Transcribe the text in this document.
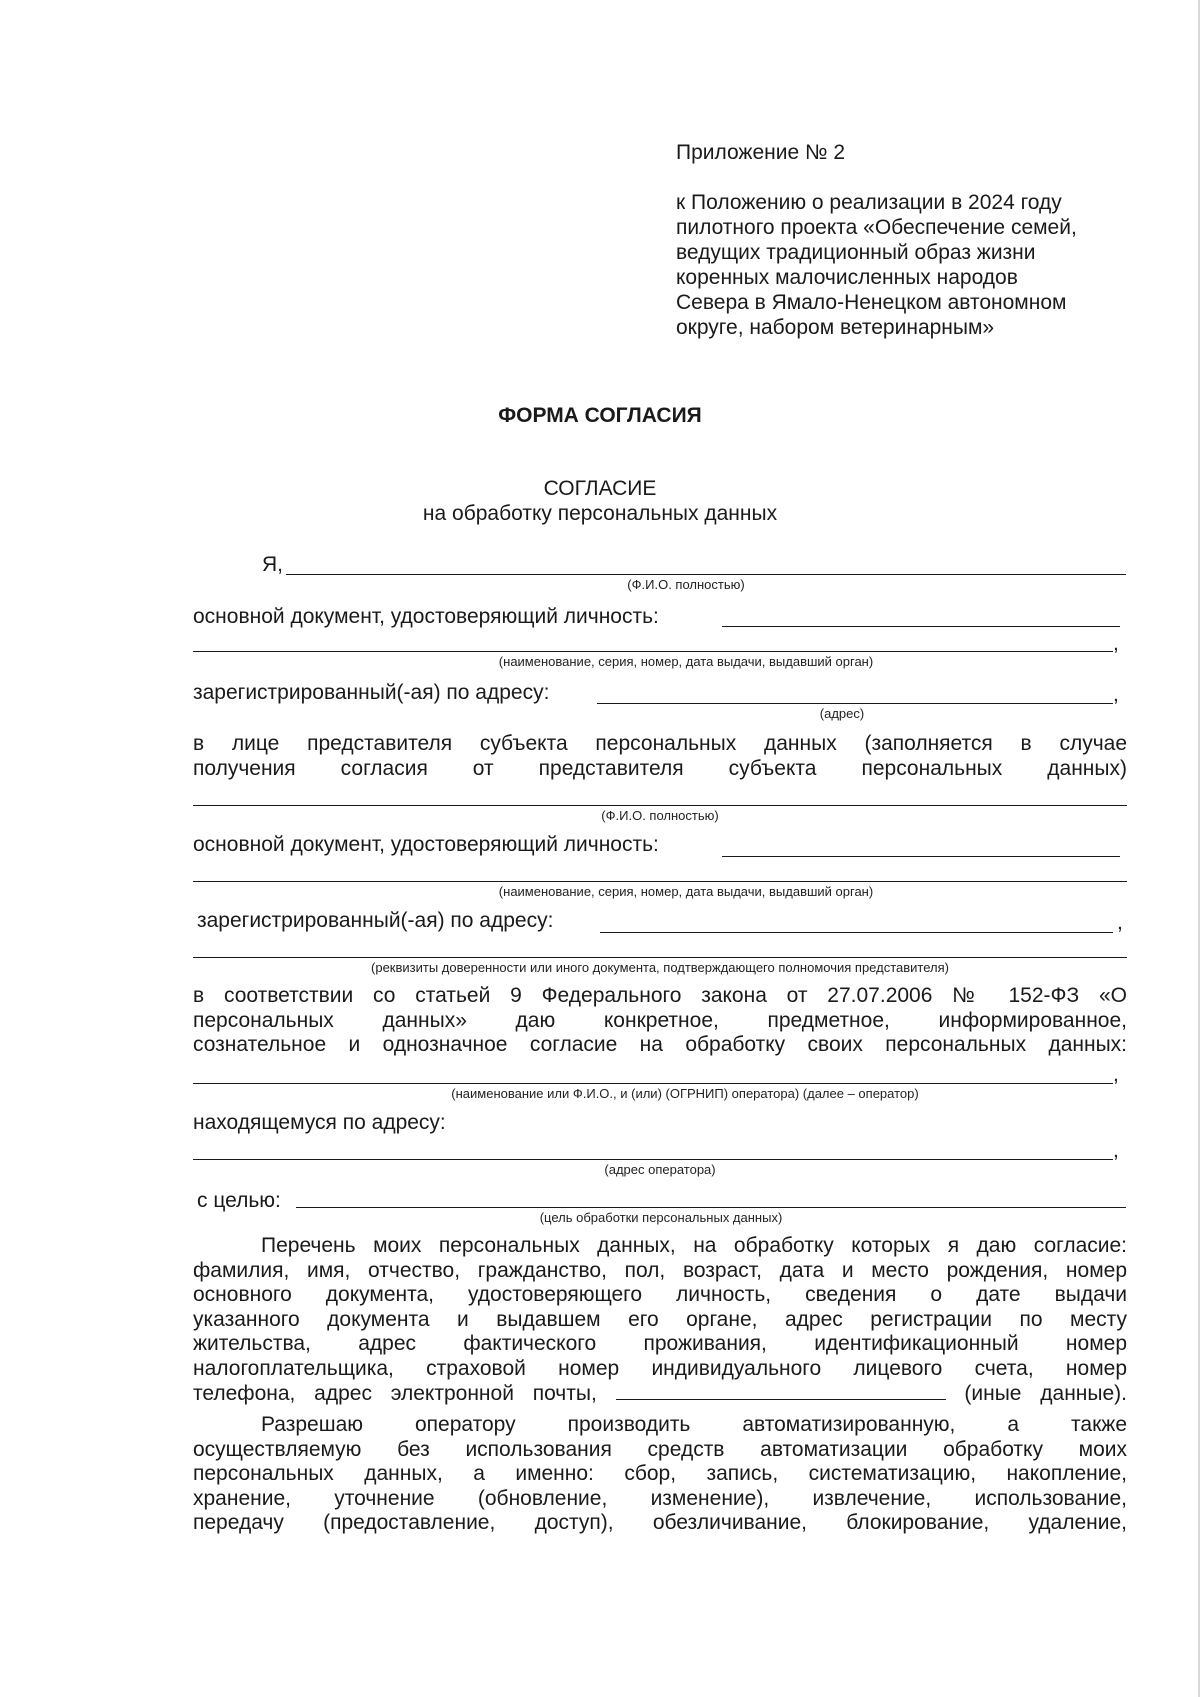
Приложение № 2
к Положению о реализации в 2024 году
пилотного проекта «Обеспечение семей,
ведущих традиционный образ жизни
коренных малочисленных народов
Севера в Ямало-Ненецком автономном
округе, набором ветеринарным»
ФОРМА СОГЛАСИЯ
СОГЛАСИЕ
на обработку персональных данных
Я,
(Ф.И.О. полностью)
основной документ, удостоверяющий личность:
,
(наименование, серия, номер, дата выдачи, выдавший орган)
зарегистрированный(-ая) по адресу:	,
(адрес)
в лице представителя субъекта персональных данных (заполняется в случае
получения согласия от представителя субъекта персональных данных)
(Ф.И.О. полностью)
основной документ, удостоверяющий личность:
(наименование, серия, номер, дата выдачи, выдавший орган)
зарегистрированный(-ая) по адресу:	,
(реквизиты доверенности или иного документа, подтверждающего полномочия представителя)
в соответствии со статьей 9 Федерального закона от 27.07.2006 № 152-ФЗ «О
персональных данных» даю конкретное, предметное, информированное,
сознательное и однозначное согласие на обработку своих персональных данных:
,
(наименование или Ф.И.О., и (или) (ОГРНИП) оператора) (далее – оператор)
находящемуся по адресу:
,
(адрес оператора)
с целью:
(цель обработки персональных данных)
Перечень моих персональных данных, на обработку которых я даю согласие:
фамилия, имя, отчество, гражданство, пол, возраст, дата и место рождения, номер
основного документа, удостоверяющего личность, сведения о дате выдачи
указанного документа и выдавшем его органе, адрес регистрации по месту
жительства, адрес фактического проживания, идентификационный номер
налогоплательщика, страховой номер индивидуального лицевого счета, номер
телефона, адрес электронной почты,	(иные данные).
Разрешаю оператору производить автоматизированную, а также
осуществляемую без использования средств автоматизации обработку моих
персональных данных, а именно: сбор, запись, систематизацию, накопление,
хранение, уточнение (обновление, изменение), извлечение, использование,
передачу (предоставление, доступ), обезличивание, блокирование, удаление,
